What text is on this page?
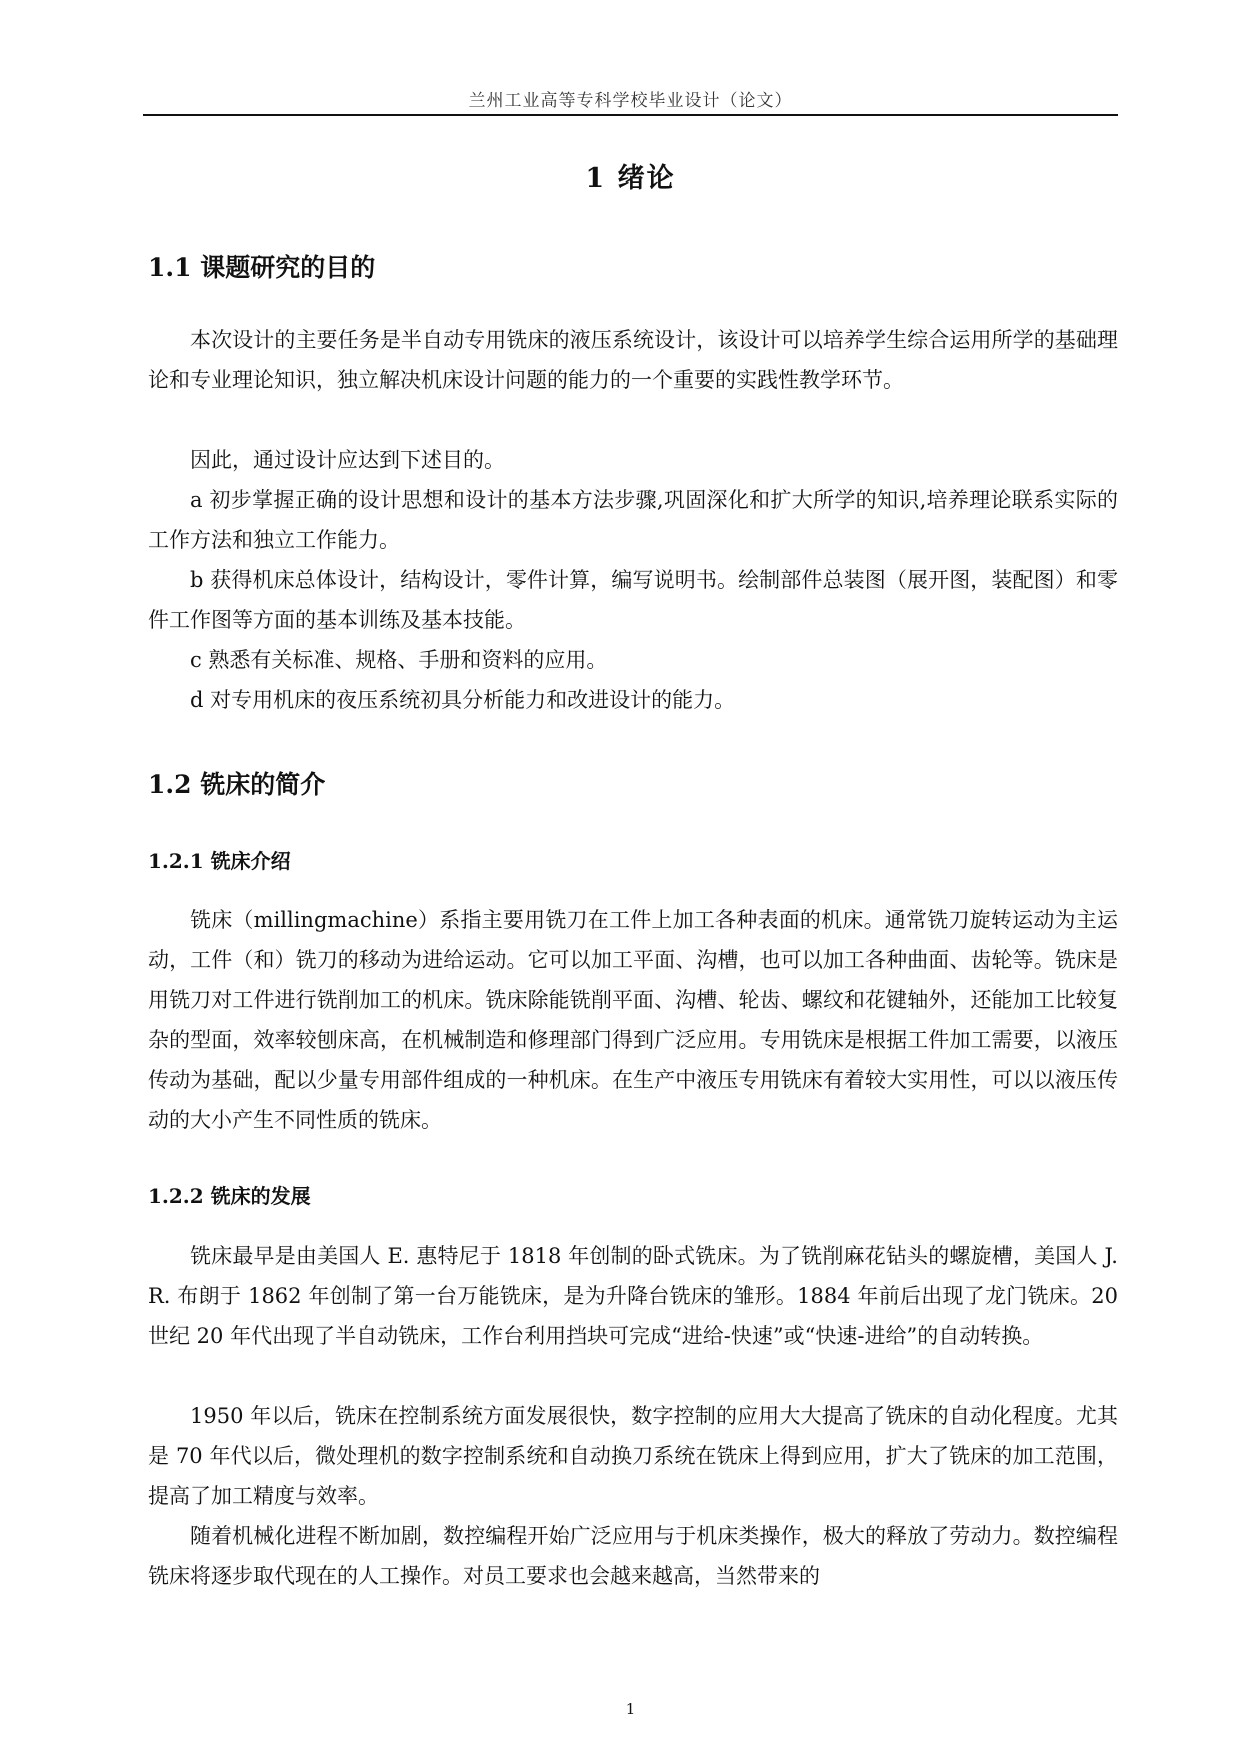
兰州工业高等专科学校毕业设计（论文）
1 绪论
1.1 课题研究的目的

本次设计的主要任务是半自动专用铣床的液压系统设计，该设计可以培养学生综合运用所学的基础理论和专业理论知识，独立解决机床设计问题的能力的一个重要的实践性教学环节。

因此，通过设计应达到下述目的。

a 初步掌握正确的设计思想和设计的基本方法步骤,巩固深化和扩大所学的知识,培养理论联系实际的工作方法和独立工作能力。

b 获得机床总体设计，结构设计，零件计算，编写说明书。绘制部件总装图（展开图，装配图）和零件工作图等方面的基本训练及基本技能。

c 熟悉有关标准、规格、手册和资料的应用。

d 对专用机床的夜压系统初具分析能力和改进设计的能力。

1.2 铣床的简介
1.2.1 铣床介绍

铣床（millingmachine）系指主要用铣刀在工件上加工各种表面的机床。通常铣刀旋转运动为主运动，工件（和）铣刀的移动为进给运动。它可以加工平面、沟槽，也可以加工各种曲面、齿轮等。铣床是用铣刀对工件进行铣削加工的机床。铣床除能铣削平面、沟槽、轮齿、螺纹和花键轴外，还能加工比较复杂的型面，效率较刨床高，在机械制造和修理部门得到广泛应用。专用铣床是根据工件加工需要，以液压传动为基础，配以少量专用部件组成的一种机床。在生产中液压专用铣床有着较大实用性，可以以液压传动的大小产生不同性质的铣床。

1.2.2 铣床的发展

铣床最早是由美国人 E. 惠特尼于 1818 年创制的卧式铣床。为了铣削麻花钻头的螺旋槽，美国人 J. R. 布朗于 1862 年创制了第一台万能铣床，是为升降台铣床的雏形。1884 年前后出现了龙门铣床。20 世纪 20 年代出现了半自动铣床，工作台利用挡块可完成“进给-快速”或“快速-进给”的自动转换。

1950 年以后，铣床在控制系统方面发展很快，数字控制的应用大大提高了铣床的自动化程度。尤其是 70 年代以后，微处理机的数字控制系统和自动换刀系统在铣床上得到应用，扩大了铣床的加工范围，提高了加工精度与效率。

随着机械化进程不断加剧，数控编程开始广泛应用与于机床类操作，极大的释放了劳动力。数控编程铣床将逐步取代现在的人工操作。对员工要求也会越来越高，当然带来的

1
